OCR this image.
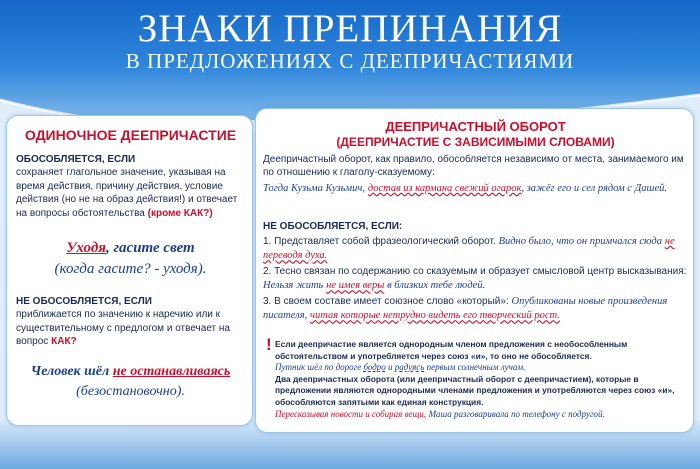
ЗНАКИ ПРЕПИНАНИЯ
В ПРЕДЛОЖЕНИЯХ С ДЕЕПРИЧАСТИЯМИ
ОДИНОЧНОЕ ДЕЕПРИЧАСТИЕ
ОБОСОБЛЯЕТСЯ, ЕСЛИ
сохраняет глагольное значение, указывая на время действия, причину действия, условие действия (но не на образ действия!) и отвечает на вопросы обстоятельства (кроме КАК?)
Уходя, гасите свет
(когда гасите? - уходя).
НЕ ОБОСОБЛЯЕТСЯ, ЕСЛИ
приближается по значению к наречию или к существительному с предлогом и отвечает на вопрос КАК?
Человек шёл не останавливаясь
(безостановочно).
ДЕЕПРИЧАСТНЫЙ ОБОРОТ
(ДЕЕПРИЧАСТИЕ С ЗАВИСИМЫМИ СЛОВАМИ)
Деепричастный оборот, как правило, обособляется независимо от места, занимаемого им по отношению к глаголу-сказуемому:
Тогда Кузьма Кузьмич, достав из кармана свежий огарок, зажёг его и сел рядом с Дашей.
НЕ ОБОСОБЛЯЕТСЯ, ЕСЛИ:
1. Представляет собой фразеологический оборот. Видно было, что он примчался сюда не переводя духа.
2. Тесно связан по содержанию со сказуемым и образует смысловой центр высказывания: Нельзя жить не имея веры в близких тебе людей.
3. В своем составе имеет союзное слово «который»: Опубликованы новые произведения писателя, читая которые нетрудно видеть его творческий рост.
! Если деепричастие является однородным членом предложения с необособленным обстоятельством и употребляется через союз «и», то оно не обособляется.
Путник шёл по дороге бодро и радуясь первым солнечным лучам.
Два деепричастных оборота (или деепричастный оборот с деепричастием), которые в предложении являются однородными членами предложения и употребляются через союз «и», обособляются запятыми как единая конструкция.
Пересказывая новости и собирая вещи, Маша разговаривала по телефону с подругой.
